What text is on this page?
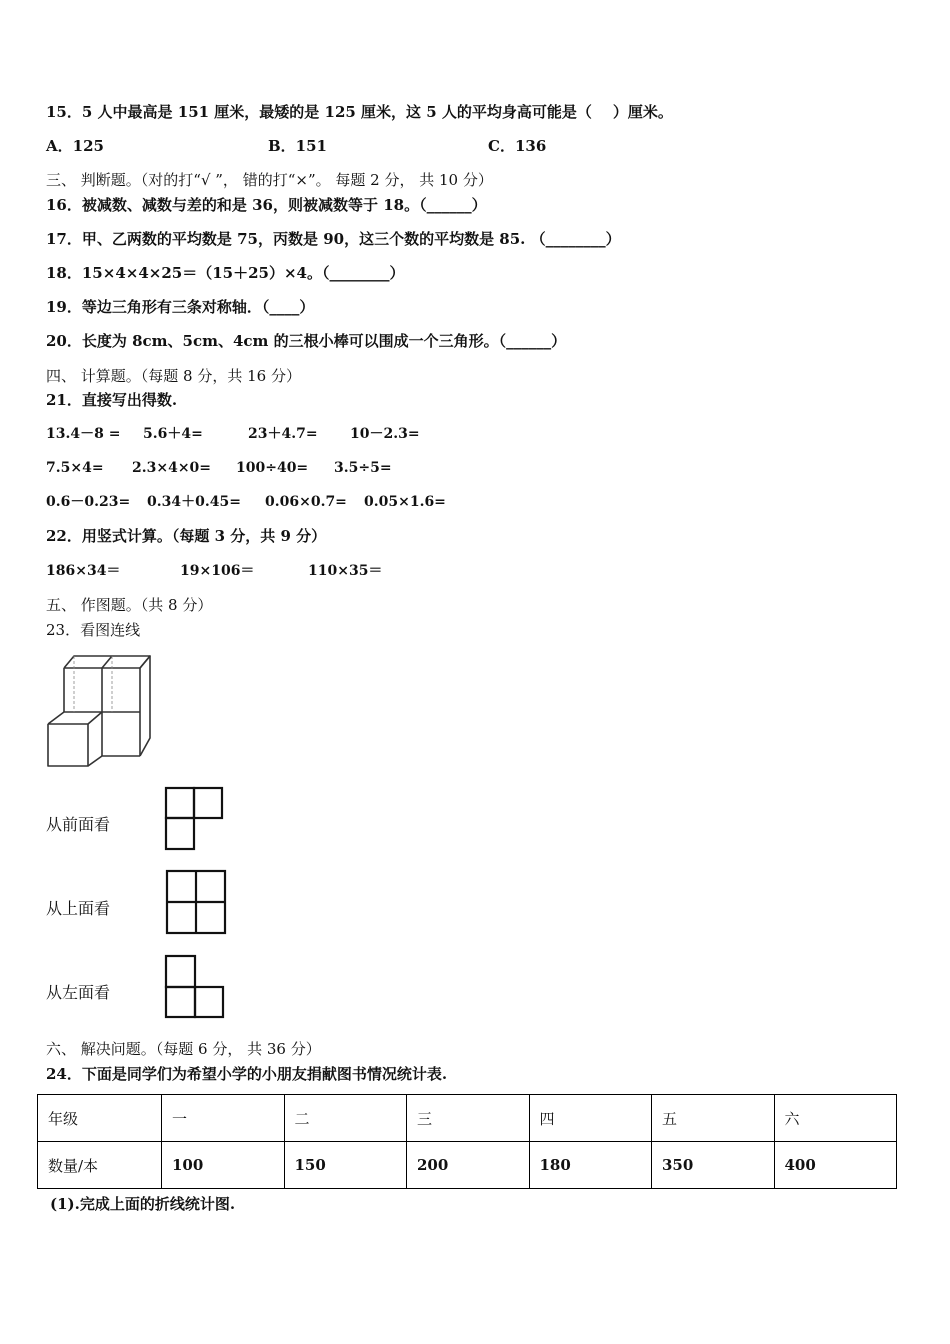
15．5 人中最高是 151 厘米，最矮的是 125 厘米，这 5 人的平均身高可能是（    ）厘米。
A．125	B．151	C．136
三、 判断题。（对的打“√ ”， 错的打“×”。 每题 2 分， 共 10 分）
16．被减数、减数与差的和是 36，则被减数等于 18。（______）
17．甲、乙两数的平均数是 75，丙数是 90，这三个数的平均数是 85. （________）
18．15×4×4×25＝（15＋25）×4。（________）
19．等边三角形有三条对称轴．（____）
20．长度为 8cm、5cm、4cm 的三根小棒可以围成一个三角形。（______）
四、 计算题。（每题 8 分，共 16 分）
21．直接写出得数.
13.4－8 = 5.6＋4=	23＋4.7= 10－2.3=
7.5×4= 2.3×4×0= 100÷40= 3.5÷5=
0.6－0.23= 0.34＋0.45= 0.06×0.7= 0.05×1.6=
22．用竖式计算。（每题 3 分，共 9 分）
186×34＝	19×106＝	110×35＝
五、 作图题。（共 8 分）
23．看图连线
从前面看
从上面看
从左面看
六、 解决问题。（每题 6 分， 共 36 分）
24．下面是同学们为希望小学的小朋友捐献图书情况统计表.
年级	一	二	三	四	五	六
数量/本	100	150	200	180	350	400
(1).完成上面的折线统计图.
